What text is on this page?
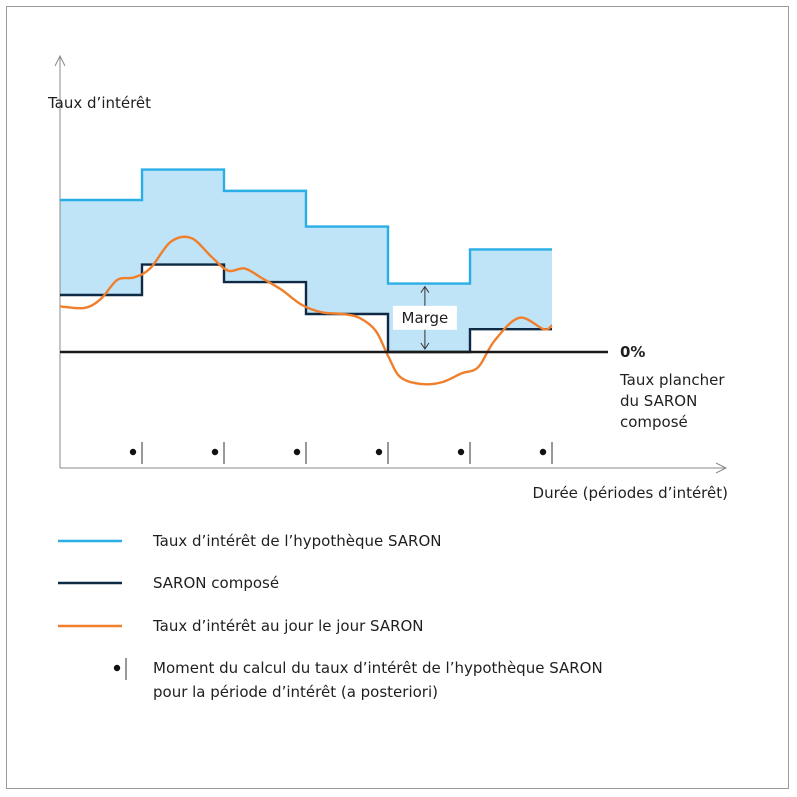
Marge
Taux d’intérêt
Durée (périodes d’intérêt)
0%
Taux plancher
du SARON
composé
Taux d’intérêt de l’hypothèque SARON
SARON composé
Taux d’intérêt au jour le jour SARON
Moment du calcul du taux d’intérêt de l’hypothèque SARON
pour la période d’intérêt (a posteriori)
